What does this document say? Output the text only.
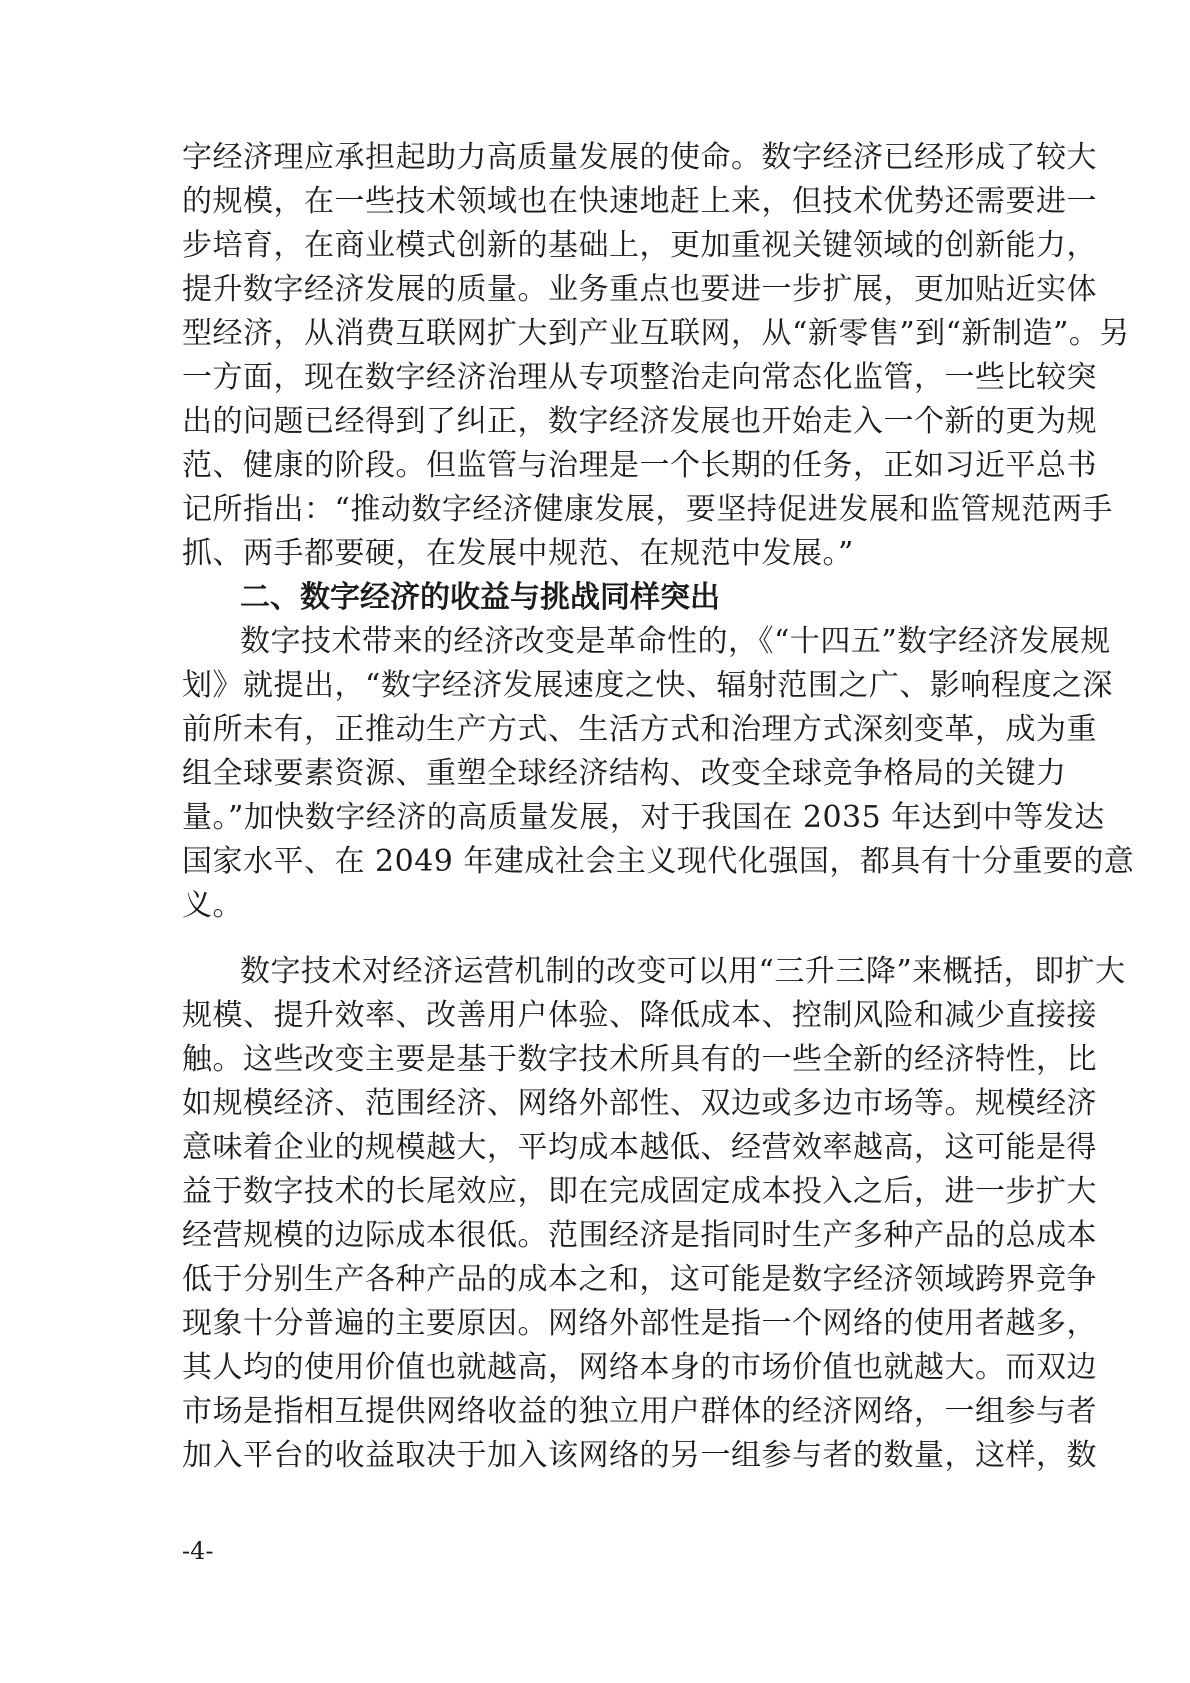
字经济理应承担起助力高质量发展的使命。数字经济已经形成了较大
的规模，在一些技术领域也在快速地赶上来，但技术优势还需要进一
步培育，在商业模式创新的基础上，更加重视关键领域的创新能力，
提升数字经济发展的质量。业务重点也要进一步扩展，更加贴近实体
型经济，从消费互联网扩大到产业互联网，从“新零售”到“新制造”。另
一方面，现在数字经济治理从专项整治走向常态化监管，一些比较突
出的问题已经得到了纠正，数字经济发展也开始走入一个新的更为规
范、健康的阶段。但监管与治理是一个长期的任务，正如习近平总书
记所指出：“推动数字经济健康发展，要坚持促进发展和监管规范两手
抓、两手都要硬，在发展中规范、在规范中发展。”
二、数字经济的收益与挑战同样突出
数字技术带来的经济改变是革命性的，《“十四五”数字经济发展规
划》就提出，“数字经济发展速度之快、辐射范围之广、影响程度之深
前所未有，正推动生产方式、生活方式和治理方式深刻变革，成为重
组全球要素资源、重塑全球经济结构、改变全球竞争格局的关键力
量。”加快数字经济的高质量发展，对于我国在 2035 年达到中等发达
国家水平、在 2049 年建成社会主义现代化强国，都具有十分重要的意
义。
数字技术对经济运营机制的改变可以用“三升三降”来概括，即扩大
规模、提升效率、改善用户体验、降低成本、控制风险和减少直接接
触。这些改变主要是基于数字技术所具有的一些全新的经济特性，比
如规模经济、范围经济、网络外部性、双边或多边市场等。规模经济
意味着企业的规模越大，平均成本越低、经营效率越高，这可能是得
益于数字技术的长尾效应，即在完成固定成本投入之后，进一步扩大
经营规模的边际成本很低。范围经济是指同时生产多种产品的总成本
低于分别生产各种产品的成本之和，这可能是数字经济领域跨界竞争
现象十分普遍的主要原因。网络外部性是指一个网络的使用者越多，
其人均的使用价值也就越高，网络本身的市场价值也就越大。而双边
市场是指相互提供网络收益的独立用户群体的经济网络，一组参与者
加入平台的收益取决于加入该网络的另一组参与者的数量，这样，数
-4-
